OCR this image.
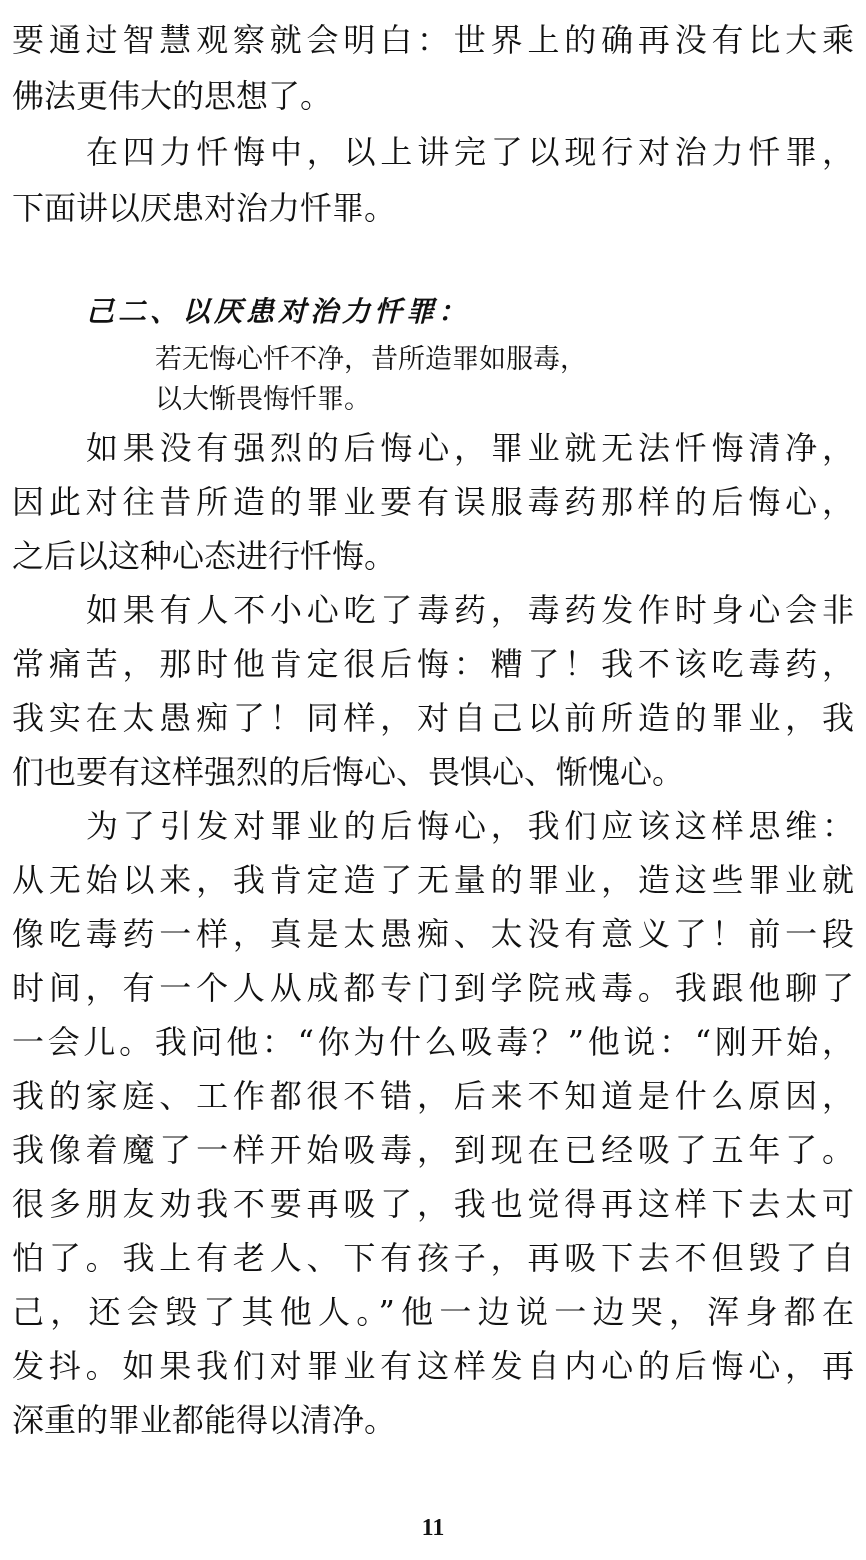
要通过智慧观察就会明白：世界上的确再没有比大乘
佛法更伟大的思想了。
在四力忏悔中，以上讲完了以现行对治力忏罪，
下面讲以厌患对治力忏罪。
己二、以厌患对治力忏罪：
若无悔心忏不净，昔所造罪如服毒，
以大惭畏悔忏罪。
如果没有强烈的后悔心，罪业就无法忏悔清净，
因此对往昔所造的罪业要有误服毒药那样的后悔心，
之后以这种心态进行忏悔。
如果有人不小心吃了毒药，毒药发作时身心会非
常痛苦，那时他肯定很后悔：糟了！我不该吃毒药，
我实在太愚痴了！同样，对自己以前所造的罪业，我
们也要有这样强烈的后悔心、畏惧心、惭愧心。
为了引发对罪业的后悔心，我们应该这样思维：
从无始以来，我肯定造了无量的罪业，造这些罪业就
像吃毒药一样，真是太愚痴、太没有意义了！前一段
时间，有一个人从成都专门到学院戒毒。我跟他聊了
一会儿。我问他：“你为什么吸毒？”他说：“刚开始，
我的家庭、工作都很不错，后来不知道是什么原因，
我像着魔了一样开始吸毒，到现在已经吸了五年了。
很多朋友劝我不要再吸了，我也觉得再这样下去太可
怕了。我上有老人、下有孩子，再吸下去不但毁了自
己，还会毁了其他人。”他一边说一边哭，浑身都在
发抖。如果我们对罪业有这样发自内心的后悔心，再
深重的罪业都能得以清净。
11
